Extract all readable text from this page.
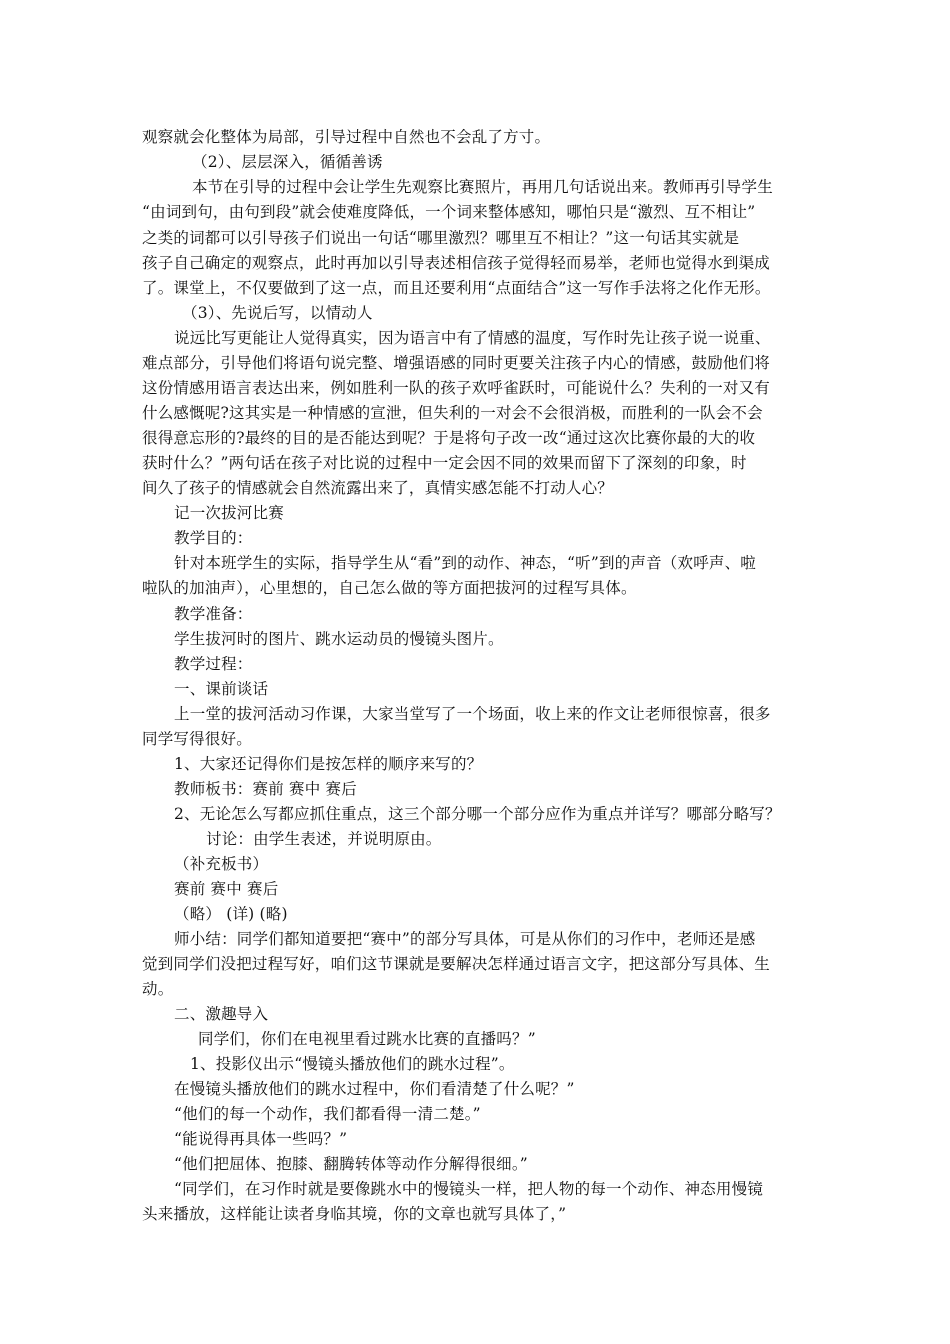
观察就会化整体为局部，引导过程中自然也不会乱了方寸。
（2）、层层深入，循循善诱
本节在引导的过程中会让学生先观察比赛照片，再用几句话说出来。教师再引导学生
“由词到句，由句到段”就会使难度降低，一个词来整体感知，哪怕只是“激烈、互不相让”
之类的词都可以引导孩子们说出一句话“哪里激烈？哪里互不相让？”这一句话其实就是
孩子自己确定的观察点，此时再加以引导表述相信孩子觉得轻而易举，老师也觉得水到渠成
了。课堂上，不仅要做到了这一点，而且还要利用“点面结合”这一写作手法将之化作无形。
（3）、先说后写，以情动人
说远比写更能让人觉得真实，因为语言中有了情感的温度，写作时先让孩子说一说重、
难点部分，引导他们将语句说完整、增强语感的同时更要关注孩子内心的情感，鼓励他们将
这份情感用语言表达出来，例如胜利一队的孩子欢呼雀跃时，可能说什么？失利的一对又有
什么感慨呢?这其实是一种情感的宣泄，但失利的一对会不会很消极，而胜利的一队会不会
很得意忘形的?最终的目的是否能达到呢？于是将句子改一改“通过这次比赛你最的大的收
获时什么？”两句话在孩子对比说的过程中一定会因不同的效果而留下了深刻的印象，时
间久了孩子的情感就会自然流露出来了，真情实感怎能不打动人心？
记一次拔河比赛
教学目的：
针对本班学生的实际，指导学生从“看”到的动作、神态，“听”到的声音（欢呼声、啦
啦队的加油声），心里想的，自己怎么做的等方面把拔河的过程写具体。
教学准备：
学生拔河时的图片、跳水运动员的慢镜头图片。
教学过程：
一、课前谈话
上一堂的拔河活动习作课，大家当堂写了一个场面，收上来的作文让老师很惊喜，很多
同学写得很好。
1、大家还记得你们是按怎样的顺序来写的？
教师板书：赛前 赛中 赛后
2、无论怎么写都应抓住重点，这三个部分哪一个部分应作为重点并详写？哪部分略写？
讨论：由学生表述，并说明原由。
（补充板书）
赛前 赛中 赛后
（略） (详) (略)
师小结：同学们都知道要把“赛中”的部分写具体，可是从你们的习作中，老师还是感
觉到同学们没把过程写好，咱们这节课就是要解决怎样通过语言文字，把这部分写具体、生
动。
二、激趣导入
同学们，你们在电视里看过跳水比赛的直播吗？”
1、投影仪出示“慢镜头播放他们的跳水过程”。
在慢镜头播放他们的跳水过程中，你们看清楚了什么呢？”
“他们的每一个动作，我们都看得一清二楚。”
“能说得再具体一些吗？”
“他们把屈体、抱膝、翻腾转体等动作分解得很细。”
“同学们，在习作时就是要像跳水中的慢镜头一样，把人物的每一个动作、神态用慢镜
头来播放，这样能让读者身临其境，你的文章也就写具体了，”
